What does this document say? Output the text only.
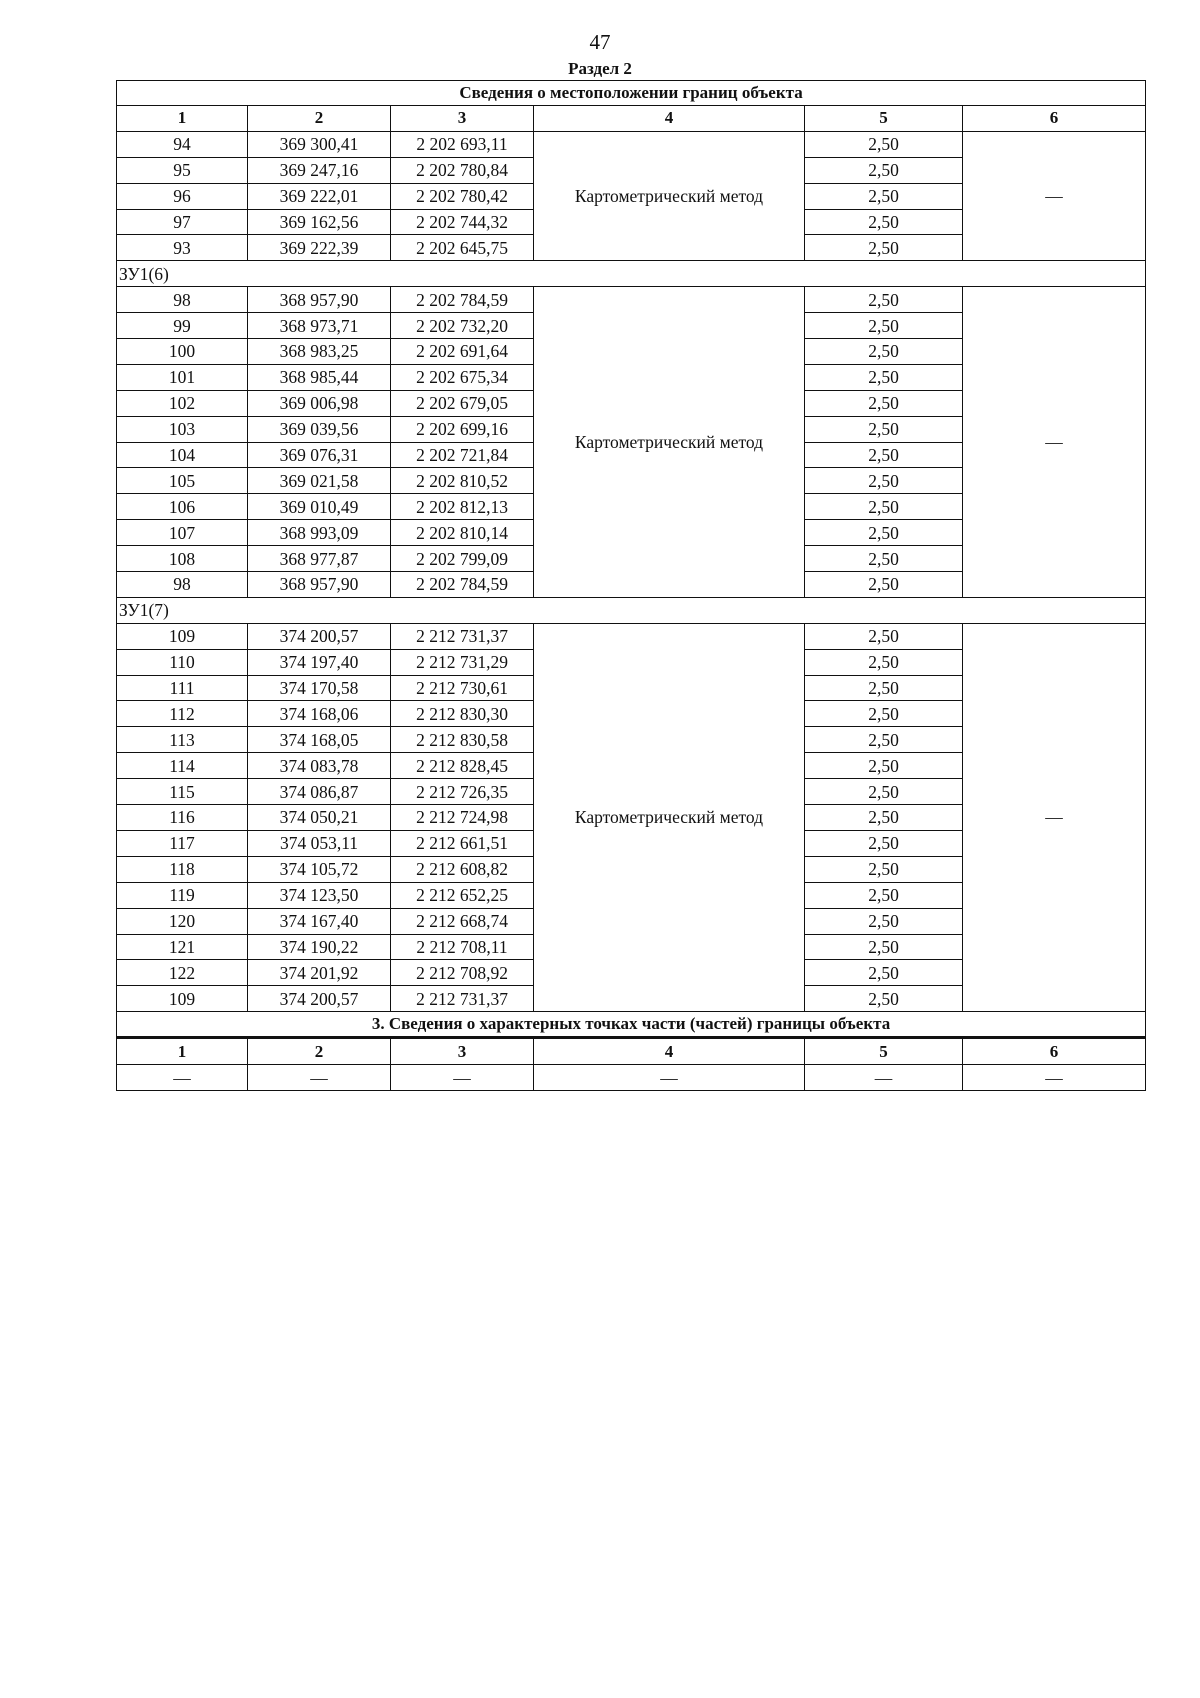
47
Раздел 2
Сведения о местоположении границ объекта					
1	2	3	4	5	6
94	369 300,41	2 202 693,11	Картометрический метод	2,50	—
95	369 247,16	2 202 780,84		2,50	
96	369 222,01	2 202 780,42		2,50	
97	369 162,56	2 202 744,32		2,50	
93	369 222,39	2 202 645,75		2,50	
ЗУ1(6)					
98	368 957,90	2 202 784,59	Картометрический метод	2,50	—
99	368 973,71	2 202 732,20		2,50	
100	368 983,25	2 202 691,64		2,50	
101	368 985,44	2 202 675,34		2,50	
102	369 006,98	2 202 679,05		2,50	
103	369 039,56	2 202 699,16		2,50	
104	369 076,31	2 202 721,84		2,50	
105	369 021,58	2 202 810,52		2,50	
106	369 010,49	2 202 812,13		2,50	
107	368 993,09	2 202 810,14		2,50	
108	368 977,87	2 202 799,09		2,50	
98	368 957,90	2 202 784,59		2,50	
ЗУ1(7)					
109	374 200,57	2 212 731,37	Картометрический метод	2,50	—
110	374 197,40	2 212 731,29		2,50	
111	374 170,58	2 212 730,61		2,50	
112	374 168,06	2 212 830,30		2,50	
113	374 168,05	2 212 830,58		2,50	
114	374 083,78	2 212 828,45		2,50	
115	374 086,87	2 212 726,35		2,50	
116	374 050,21	2 212 724,98		2,50	
117	374 053,11	2 212 661,51		2,50	
118	374 105,72	2 212 608,82		2,50	
119	374 123,50	2 212 652,25		2,50	
120	374 167,40	2 212 668,74		2,50	
121	374 190,22	2 212 708,11		2,50	
122	374 201,92	2 212 708,92		2,50	
109	374 200,57	2 212 731,37		2,50	
3. Сведения о характерных точках части (частей) границы объекта					
1	2	3	4	5	6
—	—	—	—	—	—
